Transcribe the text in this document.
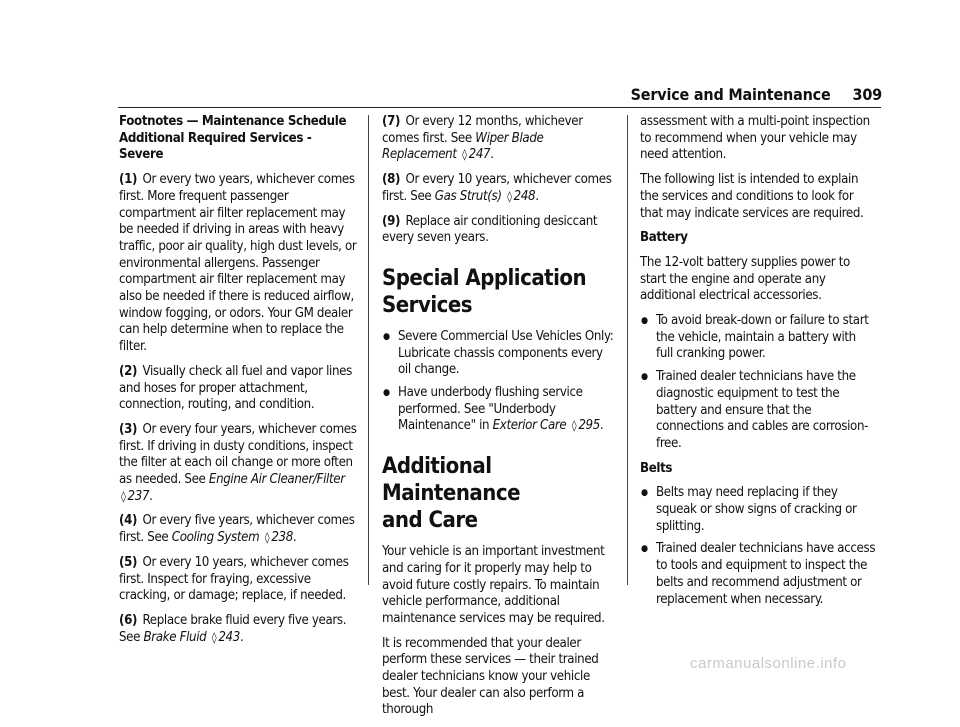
Service and Maintenance 309

Footnotes — Maintenance Schedule Additional Required Services - Severe

(1) Or every two years, whichever comes first. More frequent passenger compartment air filter replacement may be needed if driving in areas with heavy traffic, poor air quality, high dust levels, or environmental allergens. Passenger compartment air filter replacement may also be needed if there is reduced airflow, window fogging, or odors. Your GM dealer can help determine when to replace the filter.

(2) Visually check all fuel and vapor lines and hoses for proper attachment, connection, routing, and condition.

(3) Or every four years, whichever comes first. If driving in dusty conditions, inspect the filter at each oil change or more often as needed. See Engine Air Cleaner/Filter ◊ 237.

(4) Or every five years, whichever comes first. See Cooling System ◊ 238.

(5) Or every 10 years, whichever comes first. Inspect for fraying, excessive cracking, or damage; replace, if needed.

(6) Replace brake fluid every five years. See Brake Fluid ◊ 243.

(7) Or every 12 months, whichever comes first. See Wiper Blade Replacement ◊ 247.

(8) Or every 10 years, whichever comes first. See Gas Strut(s) ◊ 248.

(9) Replace air conditioning desiccant every seven years.

Special Application Services
● Severe Commercial Use Vehicles Only: Lubricate chassis components every oil change.
● Have underbody flushing service performed. See "Underbody Maintenance" in Exterior Care ◊ 295.
Additional Maintenance
and Care

Your vehicle is an important investment and caring for it properly may help to avoid future costly repairs. To maintain vehicle performance, additional maintenance services may be required.

It is recommended that your dealer perform these services — their trained dealer technicians know your vehicle best. Your dealer can also perform a thorough

assessment with a multi-point inspection to recommend when your vehicle may need attention.

The following list is intended to explain the services and conditions to look for that may indicate services are required.

Battery

The 12-volt battery supplies power to start the engine and operate any additional electrical accessories.

● To avoid break-down or failure to start the vehicle, maintain a battery with full cranking power.
● Trained dealer technicians have the diagnostic equipment to test the battery and ensure that the connections and cables are corrosion-free.

Belts

● Belts may need replacing if they squeak or show signs of cracking or splitting.
● Trained dealer technicians have access to tools and equipment to inspect the belts and recommend adjustment or replacement when necessary.
carmanualsonline.info
